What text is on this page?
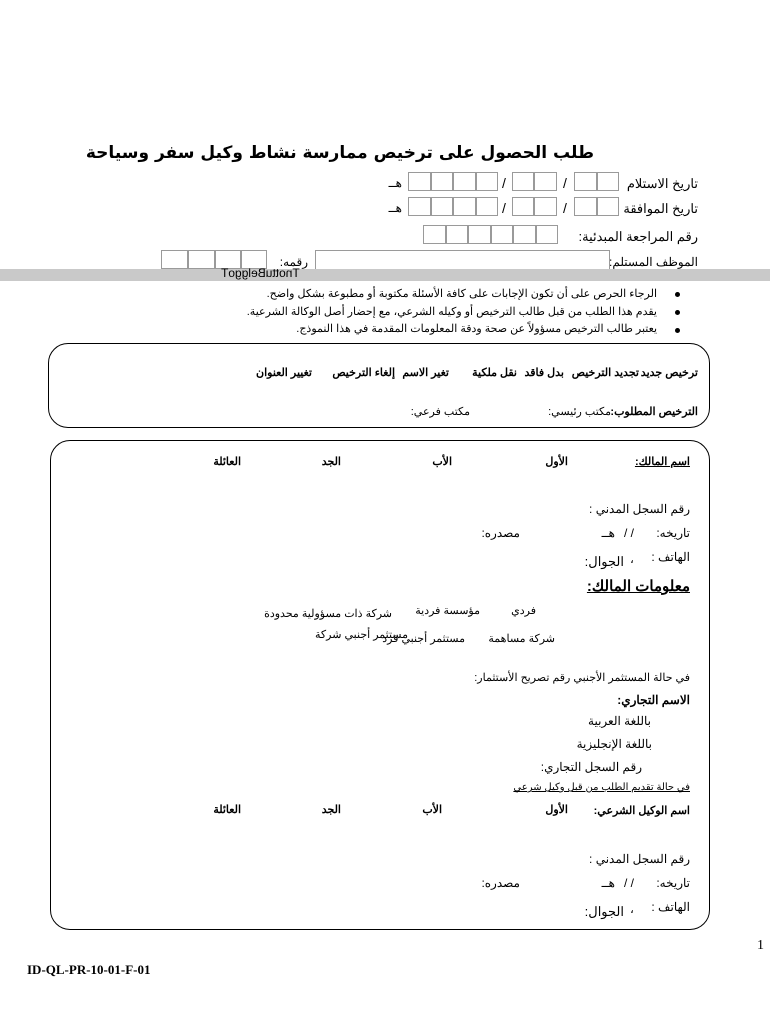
طلب الحصول على ترخيص ممارسة نشاط وكيل سفر وسياحة
تاريخ الاستلام
/
/
هــ
تاريخ الموافقة
/
/
هــ
رقم المراجعة المبدئية:
الموظف المستلم:
رقمه:
TnottuBelggoT
الرجاء الحرص على أن تكون الإجابات على كافة الأسئلة مكتوبة أو مطبوعة بشكل واضح.
يقدم هذا الطلب من قبل طالب الترخيص أو وكيله الشرعي، مع إحضار أصل الوكالة الشرعية.
يعتبر طالب الترخيص مسؤولاً عن صحة ودقة المعلومات المقدمة في هذا النموذج.
ترخيص جديد
تجديد الترخيص
بدل فاقد
نقل ملكية
تغير الاسم
إلغاء الترخيص
تغيير العنوان
الترخيص المطلوب:
مكتب رئيسي:
مكتب فرعي:
اسم المالك:
الأول
الأب
الجد
العائلة
رقم السجل المدني :
تاريخه:
/ /
هــ
مصدره:
الهاتف :
،
الجوال:
معلومات المالك:
فردي
مؤسسة فردية
شركة ذات مسؤولية محدودة
شركة مساهمة
مستثمر أجنبي فرد
مستثمر أجنبي شركة
في حالة المستثمر الأجنبي رقم تصريح الأستثمار:
الاسم التجاري:
باللغة العربية
باللغة الإنجليزية
رقم السجل التجاري:
في حالة تقديم الطلب من قبل وكيل شرعي
اسم الوكيل الشرعي:
الأول
الأب
الجد
العائلة
رقم السجل المدني :
تاريخه:
/ /
هــ
مصدره:
الهاتف :
،
الجوال:
1
ID-QL-PR-10-01-F-01
